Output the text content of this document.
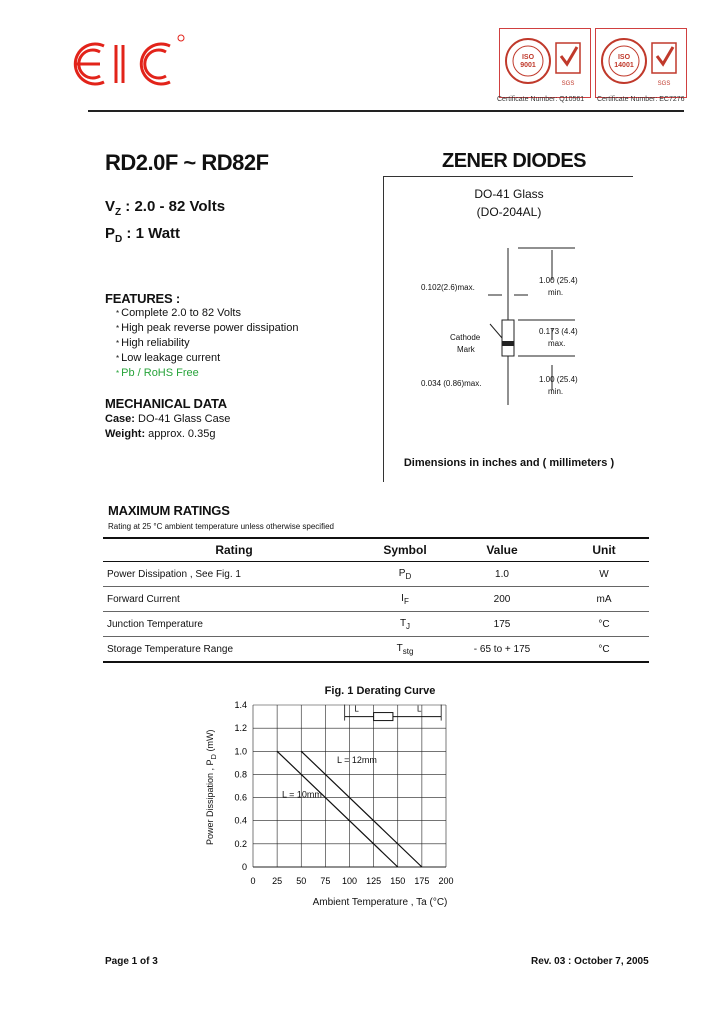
ISO
9001
SGS
Certificate Number: Q10561
ISO
14001
SGS
Certificate Number: EC7276
RD2.0F ~ RD82F	ZENER DIODES
$V_Z$ : 2.0 - 82 Volts
$P_D$ : 1 Watt
FEATURES :
* Complete 2.0 to 82 Volts
* High peak reverse power dissipation
* High reliability
* Low leakage current
* Pb / RoHS Free
MECHANICAL DATA
Case: DO-41 Glass Case
Weight: approx. 0.35g
DO-41 Glass
(DO-204AL)
1.00 (25.4)
min.
0.102(2.6)max.
0.173 (4.4)
max.
Cathode
Mark
1.00 (25.4)
min.
0.034 (0.86)max.
Dimensions in inches and ( millimeters )
MAXIMUM RATINGS
Rating at 25 °C ambient temperature unless otherwise specified
Rating	Symbol	Value	Unit
Power Dissipation , See Fig. 1	$P_D$	1.0	W
Forward Current	$I_F$	200	mA
Junction Temperature	$T_J$	175	°C
Storage Temperature Range	$T_{stg}$	- 65 to + 175	°C
Fig. 1 Derating Curve
Ambient Temperature , Ta (°C)
Power Dissipation , $P_D$ (mW)
0
0.2
0.4
0.6
0.8
1.0
1.2
1.4
0 25 50 75 100 125 150 175 200
L = 10mm
L = 12mm
L	L
Page 1 of 3	Rev. 03 : October 7, 2005
